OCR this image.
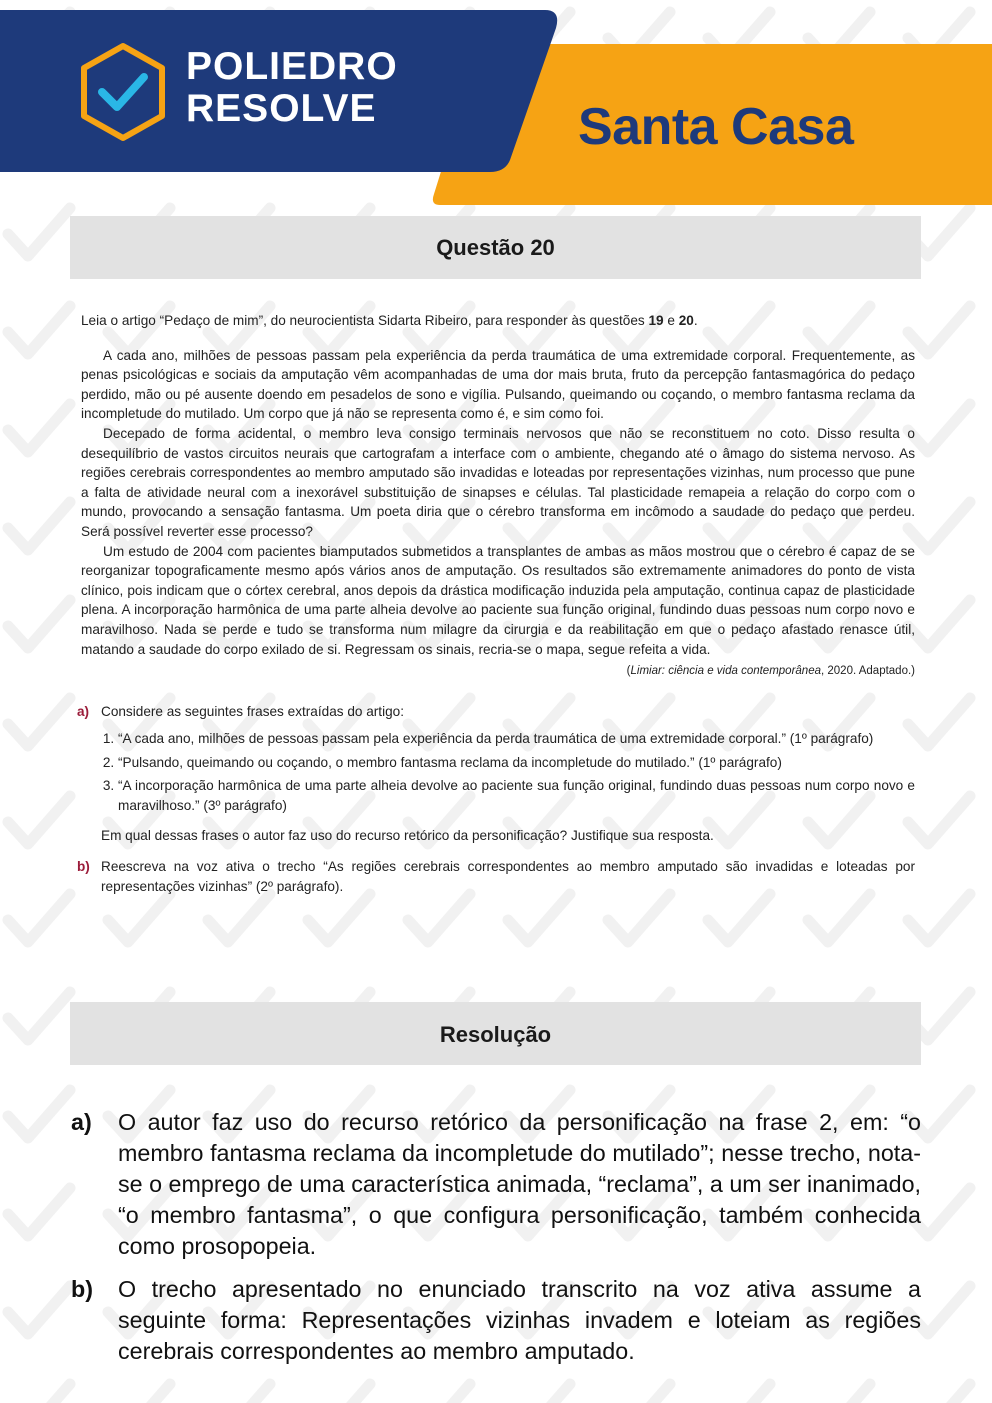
POLIEDRO
RESOLVE	Santa Casa
Questão 20

Leia o artigo “Pedaço de mim”, do neurocientista Sidarta Ribeiro, para responder às questões 19 e 20.

A cada ano, milhões de pessoas passam pela experiência da perda traumática de uma extremidade corporal. Frequentemente, as penas psicológicas e sociais da amputação vêm acompanhadas de uma dor mais bruta, fruto da percepção fantasmagórica do pedaço perdido, mão ou pé ausente doendo em pesadelos de sono e vigília. Pulsando, queimando ou coçando, o membro fantasma reclama da incompletude do mutilado. Um corpo que já não se representa como é, e sim como foi.

Decepado de forma acidental, o membro leva consigo terminais nervosos que não se reconstituem no coto. Disso resulta o desequilíbrio de vastos circuitos neurais que cartografam a interface com o ambiente, chegando até o âmago do sistema nervoso. As regiões cerebrais correspondentes ao membro amputado são invadidas e loteadas por representações vizinhas, num processo que pune a falta de atividade neural com a inexorável substituição de sinapses e células. Tal plasticidade remapeia a relação do corpo com o mundo, provocando a sensação fantasma. Um poeta diria que o cérebro transforma em incômodo a saudade do pedaço que perdeu. Será possível reverter esse processo?

Um estudo de 2004 com pacientes biamputados submetidos a transplantes de ambas as mãos mostrou que o cérebro é capaz de se reorganizar topograficamente mesmo após vários anos de amputação. Os resultados são extremamente animadores do ponto de vista clínico, pois indicam que o córtex cerebral, anos depois da drástica modificação induzida pela amputação, continua capaz de plasticidade plena. A incorporação harmônica de uma parte alheia devolve ao paciente sua função original, fundindo duas pessoas num corpo novo e maravilhoso. Nada se perde e tudo se transforma num milagre da cirurgia e da reabilitação em que o pedaço afastado renasce útil, matando a saudade do corpo exilado de si. Regressam os sinais, recria-se o mapa, segue refeita a vida.

(Limiar: ciência e vida contemporânea, 2020. Adaptado.)
a) Considere as seguintes frases extraídas do artigo:

1. “A cada ano, milhões de pessoas passam pela experiência da perda traumática de uma extremidade corporal.” (1º parágrafo)
2. “Pulsando, queimando ou coçando, o membro fantasma reclama da incompletude do mutilado.” (1º parágrafo)
3. “A incorporação harmônica de uma parte alheia devolve ao paciente sua função original, fundindo duas pessoas num corpo novo e maravilhoso.” (3º parágrafo)

Em qual dessas frases o autor faz uso do recurso retórico da personificação? Justifique sua resposta.

b) Reescreva na voz ativa o trecho “As regiões cerebrais correspondentes ao membro amputado são invadidas e loteadas por representações vizinhas” (2º parágrafo).

Resolução
a) O autor faz uso do recurso retórico da personificação na frase 2, em: “o membro fantasma reclama da incompletude do mutilado”; nesse trecho, nota-se o emprego de uma característica animada, “reclama”, a um ser inanimado, “o membro fantasma”, o que configura personificação, também conhecida como prosopopeia.

b) O trecho apresentado no enunciado transcrito na voz ativa assume a seguinte forma: Representações vizinhas invadem e loteiam as regiões cerebrais correspondentes ao membro amputado.
